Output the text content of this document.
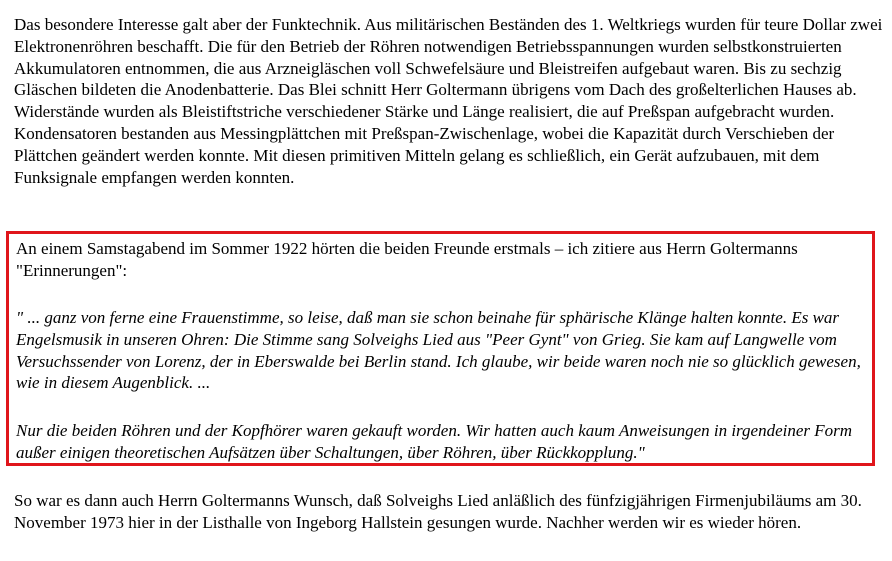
Das besondere Interesse galt aber der Funktechnik. Aus militärischen Beständen des 1. Weltkriegs wurden für teure Dollar zwei Elektronenröhren beschafft. Die für den Betrieb der Röhren notwendigen Betriebsspannungen wurden selbstkonstruierten Akkumulatoren entnommen, die aus Arzneigläschen voll Schwefelsäure und Bleistreifen aufgebaut waren. Bis zu sechzig Gläschen bildeten die Anodenbatterie. Das Blei schnitt Herr Goltermann übrigens vom Dach des großelterlichen Hauses ab. Widerstände wurden als Bleistiftstriche verschiedener Stärke und Länge realisiert, die auf Preßspan aufgebracht wurden. Kondensatoren bestanden aus Messingplättchen mit Preßspan-Zwischenlage, wobei die Kapazität durch Verschieben der Plättchen geändert werden konnte. Mit diesen primitiven Mitteln gelang es schließlich, ein Gerät aufzubauen, mit dem Funksignale empfangen werden konnten.

An einem Samstagabend im Sommer 1922 hörten die beiden Freunde erstmals – ich zitiere aus Herrn Goltermanns "Erinnerungen":

" ... ganz von ferne eine Frauenstimme, so leise, daß man sie schon beinahe für sphärische Klänge halten konnte. Es war Engelsmusik in unseren Ohren: Die Stimme sang Solveighs Lied aus "Peer Gynt" von Grieg. Sie kam auf Langwelle vom Versuchssender von Lorenz, der in Eberswalde bei Berlin stand. Ich glaube, wir beide waren noch nie so glücklich gewesen, wie in diesem Augenblick. ...

Nur die beiden Röhren und der Kopfhörer waren gekauft worden. Wir hatten auch kaum Anweisungen in irgendeiner Form außer einigen theoretischen Aufsätzen über Schaltungen, über Röhren, über Rückkopplung."

So war es dann auch Herrn Goltermanns Wunsch, daß Solveighs Lied anläßlich des fünfzigjährigen Firmenjubiläums am 30. November 1973 hier in der Listhalle von Ingeborg Hallstein gesungen wurde. Nachher werden wir es wieder hören.
